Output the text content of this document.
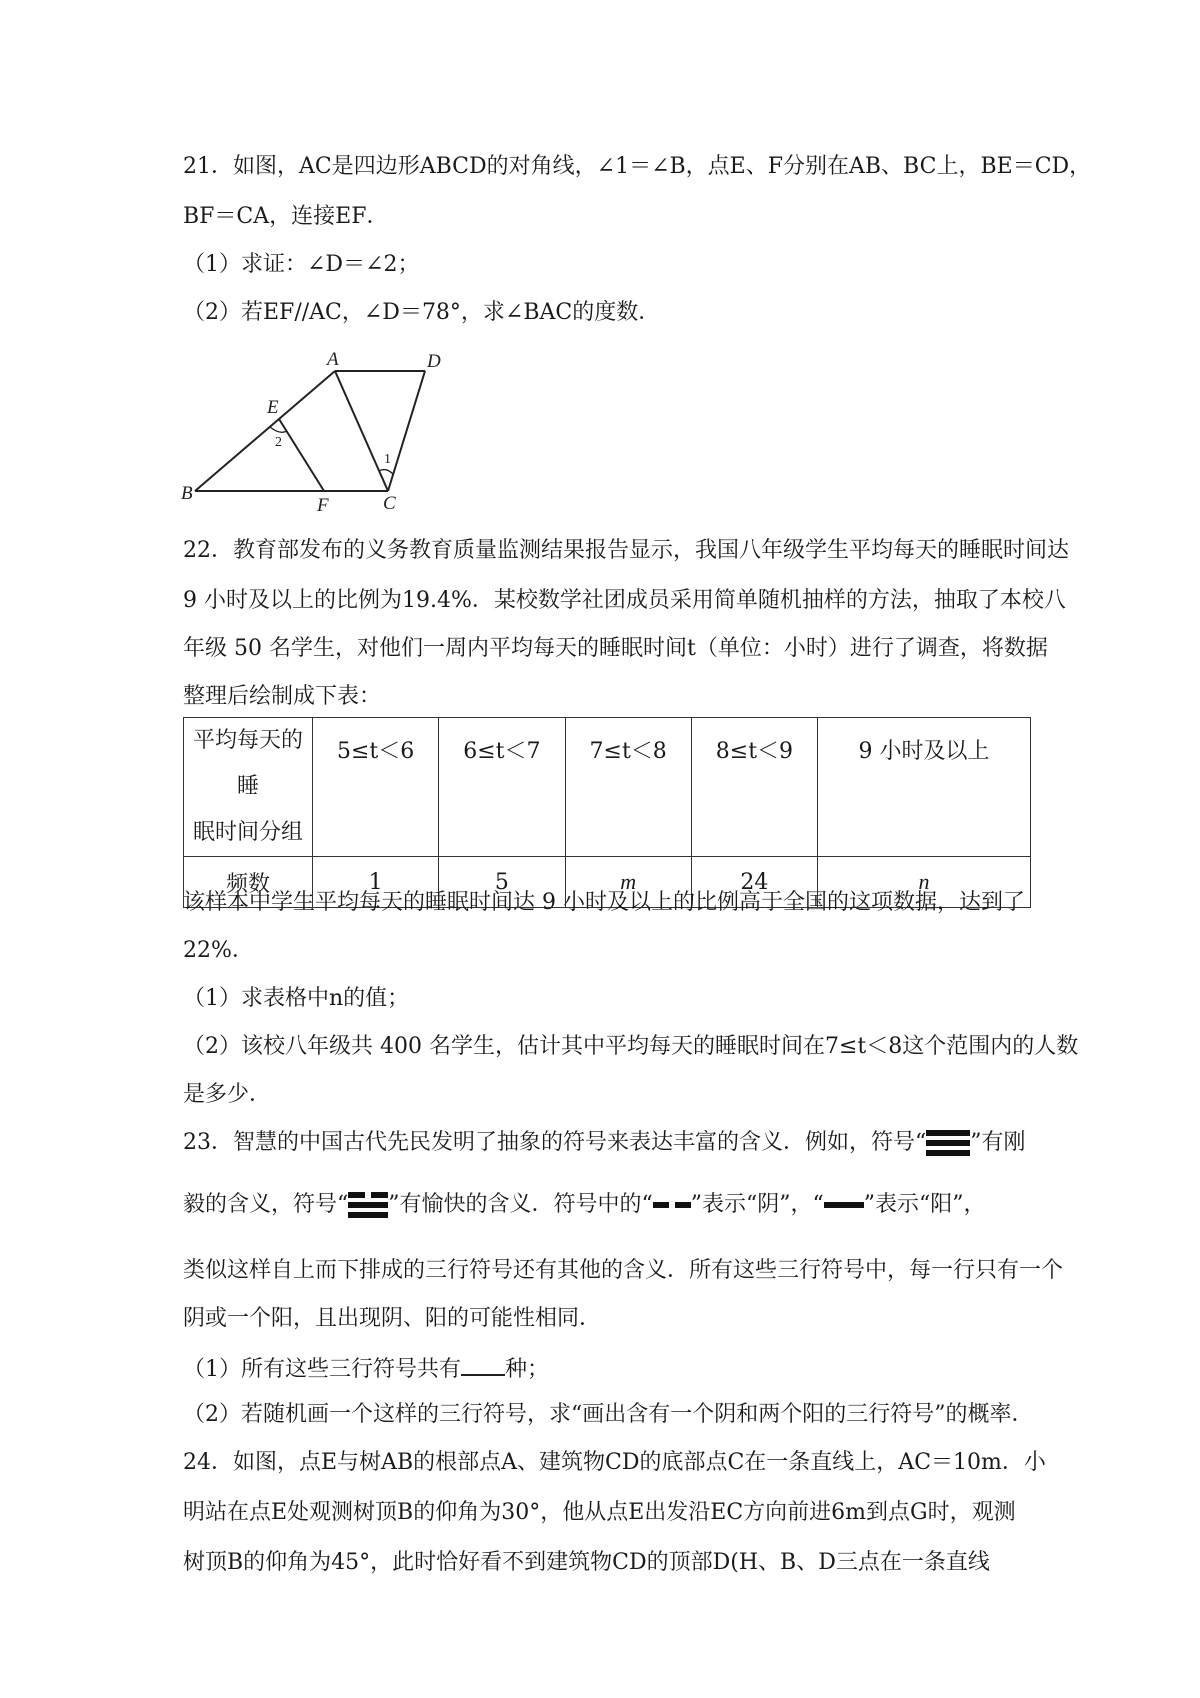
21．如图，AC是四边形ABCD的对角线，∠1＝∠B，点E、F分别在AB、BC上，BE＝CD，
BF＝CA，连接EF．
（1）求证：∠D＝∠2；
（2）若EF//AC，∠D＝78°，求∠BAC的度数．
B
A	D
C
F
E
2
1
22．教育部发布的义务教育质量监测结果报告显示，我国八年级学生平均每天的睡眠时间达
9 小时及以上的比例为19.4%．某校数学社团成员采用简单随机抽样的方法，抽取了本校八
年级 50 名学生，对他们一周内平均每天的睡眠时间t（单位：小时）进行了调查，将数据
整理后绘制成下表：
平均每天的睡
眠时间分组	5≤t＜6	6≤t＜7	7≤t＜8	8≤t＜9	9 小时及以上
频数	1	5	m	24	n
该样本中学生平均每天的睡眠时间达 9 小时及以上的比例高于全国的这项数据，达到了
22%．
（1）求表格中n的值；
（2）该校八年级共 400 名学生，估计其中平均每天的睡眠时间在7≤t＜8这个范围内的人数
是多少．
23．智慧的中国古代先民发明了抽象的符号来表达丰富的含义．例如，符号“ ”有刚
毅的含义，符号“ ”有愉快的含义．符号中的“ ”表示“阴”，“ ”表示“阳”，
类似这样自上而下排成的三行符号还有其他的含义．所有这些三行符号中，每一行只有一个
阴或一个阳，且出现阴、阳的可能性相同．
（1）所有这些三行符号共有 种；
（2）若随机画一个这样的三行符号，求“画出含有一个阴和两个阳的三行符号”的概率．
24．如图，点E与树AB的根部点A、建筑物CD的底部点C在一条直线上，AC＝10m．小
明站在点E处观测树顶B的仰角为30°，他从点E出发沿EC方向前进6m到点G时，观测
树顶B的仰角为45°，此时恰好看不到建筑物CD的顶部D(H、B、D三点在一条直线
